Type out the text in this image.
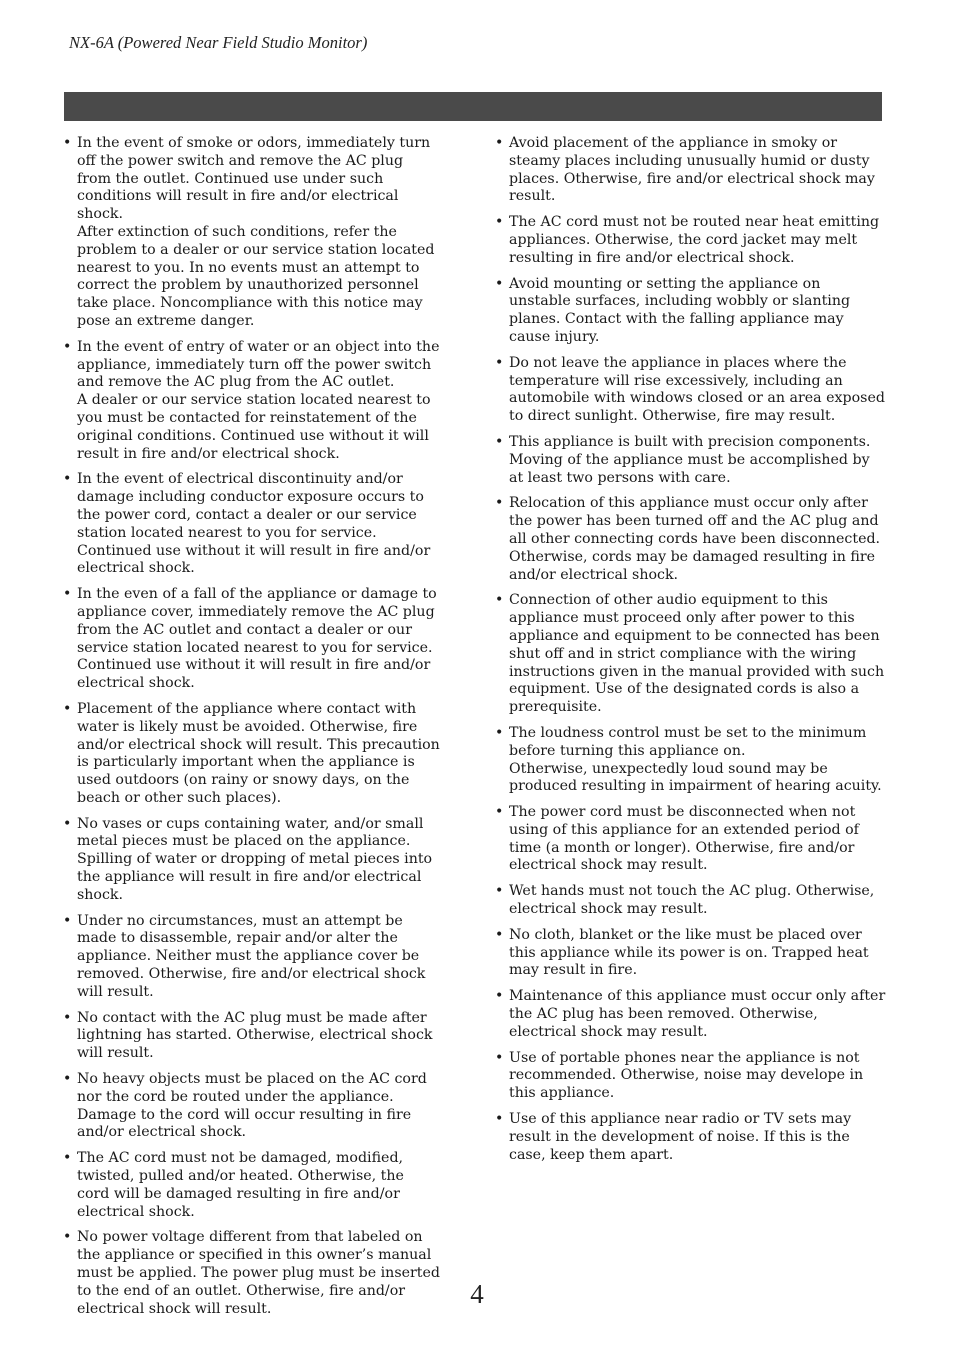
NX-6A (Powered Near Field Studio Monitor)
• In the event of smoke or odors, immediately turn off the power switch and remove the AC plug from the outlet. Continued use under such conditions will result in fire and/or electrical shock.
After extinction of such conditions, refer the problem to a dealer or our service station located nearest to you. In no events must an attempt to correct the problem by unauthorized personnel take place. Noncompliance with this notice may pose an extreme danger.
• In the event of entry of water or an object into the appliance, immediately turn off the power switch and remove the AC plug from the AC outlet.
A dealer or our service station located nearest to you must be contacted for reinstatement of the original conditions. Continued use without it will result in fire and/or electrical shock.
• In the event of electrical discontinuity and/or damage including conductor exposure occurs to the power cord, contact a dealer or our service station located nearest to you for service. Continued use without it will result in fire and/or electrical shock.
• In the even of a fall of the appliance or damage to appliance cover, immediately remove the AC plug from the AC outlet and contact a dealer or our service station located nearest to you for service.
Continued use without it will result in fire and/or electrical shock.
• Placement of the appliance where contact with water is likely must be avoided. Otherwise, fire and/or electrical shock will result. This precaution is particularly important when the appliance is used outdoors (on rainy or snowy days, on the beach or other such places).
• No vases or cups containing water, and/or small metal pieces must be placed on the appliance.
Spilling of water or dropping of metal pieces into the appliance will result in fire and/or electrical shock.
• Under no circumstances, must an attempt be made to disassemble, repair and/or alter the appliance. Neither must the appliance cover be removed. Otherwise, fire and/or electrical shock will result.
• No contact with the AC plug must be made after lightning has started. Otherwise, electrical shock will result.
• No heavy objects must be placed on the AC cord nor the cord be routed under the appliance.
Damage to the cord will occur resulting in fire and/or electrical shock.
• The AC cord must not be damaged, modified, twisted, pulled and/or heated. Otherwise, the cord will be damaged resulting in fire and/or electrical shock.
• No power voltage different from that labeled on the appliance or specified in this owner’s manual must be applied. The power plug must be inserted to the end of an outlet. Otherwise, fire and/or electrical shock will result.
• Avoid placement of the appliance in smoky or steamy places including unusually humid or dusty places. Otherwise, fire and/or electrical shock may result.
• The AC cord must not be routed near heat emitting appliances. Otherwise, the cord jacket may melt resulting in fire and/or electrical shock.
• Avoid mounting or setting the appliance on unstable surfaces, including wobbly or slanting planes. Contact with the falling appliance may cause injury.
• Do not leave the appliance in places where the temperature will rise excessively, including an automobile with windows closed or an area exposed to direct sunlight. Otherwise, fire may result.
• This appliance is built with precision components. Moving of the appliance must be accomplished by at least two persons with care.
• Relocation of this appliance must occur only after the power has been turned off and the AC plug and all other connecting cords have been disconnected. Otherwise, cords may be damaged resulting in fire and/or electrical shock.
• Connection of other audio equipment to this appliance must proceed only after power to this appliance and equipment to be connected has been shut off and in strict compliance with the wiring instructions given in the manual provided with such equipment. Use of the designated cords is also a prerequisite.
• The loudness control must be set to the minimum before turning this appliance on.
Otherwise, unexpectedly loud sound may be produced resulting in impairment of hearing acuity.
• The power cord must be disconnected when not using of this appliance for an extended period of time (a month or longer). Otherwise, fire and/or electrical shock may result.
• Wet hands must not touch the AC plug. Otherwise, electrical shock may result.
• No cloth, blanket or the like must be placed over this appliance while its power is on. Trapped heat may result in fire.
• Maintenance of this appliance must occur only after the AC plug has been removed. Otherwise, electrical shock may result.
• Use of portable phones near the appliance is not recommended. Otherwise, noise may develope in this appliance.
• Use of this appliance near radio or TV sets may result in the development of noise. If this is the case, keep them apart.
4
